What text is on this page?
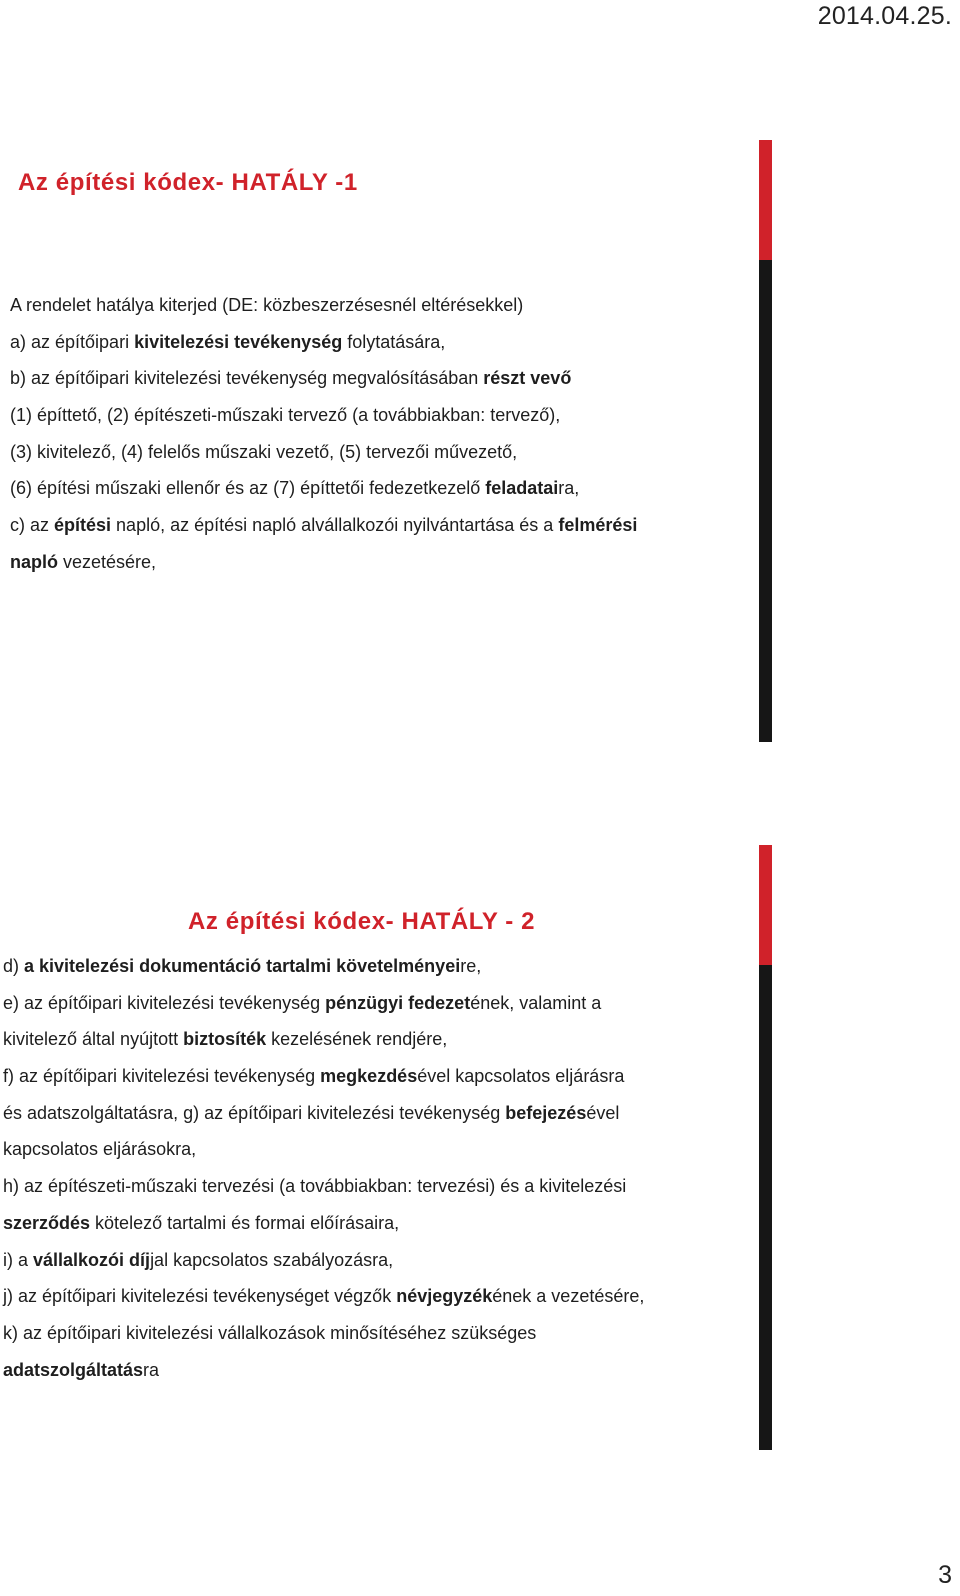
2014.04.25.
Az építési kódex- HATÁLY -1
A rendelet hatálya kiterjed (DE: közbeszerzésesnél eltérésekkel)
a) az építőipari kivitelezési tevékenység folytatására,
b) az építőipari kivitelezési tevékenység megvalósításában részt vevő
(1) építtető, (2) építészeti-műszaki tervező (a továbbiakban: tervező),
(3) kivitelező, (4) felelős műszaki vezető, (5) tervezői művezető,
(6) építési műszaki ellenőr és az (7) építtetői fedezetkezelő feladataira,
c) az építési napló, az építési napló alvállalkozói nyilvántartása és a felmérési
napló vezetésére,
Az építési kódex- HATÁLY - 2
d) a kivitelezési dokumentáció tartalmi követelményeire,
e) az építőipari kivitelezési tevékenység pénzügyi fedezetének, valamint a
kivitelező által nyújtott biztosíték kezelésének rendjére,
f) az építőipari kivitelezési tevékenység megkezdésével kapcsolatos eljárásra
és adatszolgáltatásra, g) az építőipari kivitelezési tevékenység befejezésével
kapcsolatos eljárásokra,
h) az építészeti-műszaki tervezési (a továbbiakban: tervezési) és a kivitelezési
szerződés kötelező tartalmi és formai előírásaira,
i) a vállalkozói díjjal kapcsolatos szabályozásra,
j) az építőipari kivitelezési tevékenységet végzők névjegyzékének a vezetésére,
k) az építőipari kivitelezési vállalkozások minősítéséhez szükséges
adatszolgáltatásra
3
